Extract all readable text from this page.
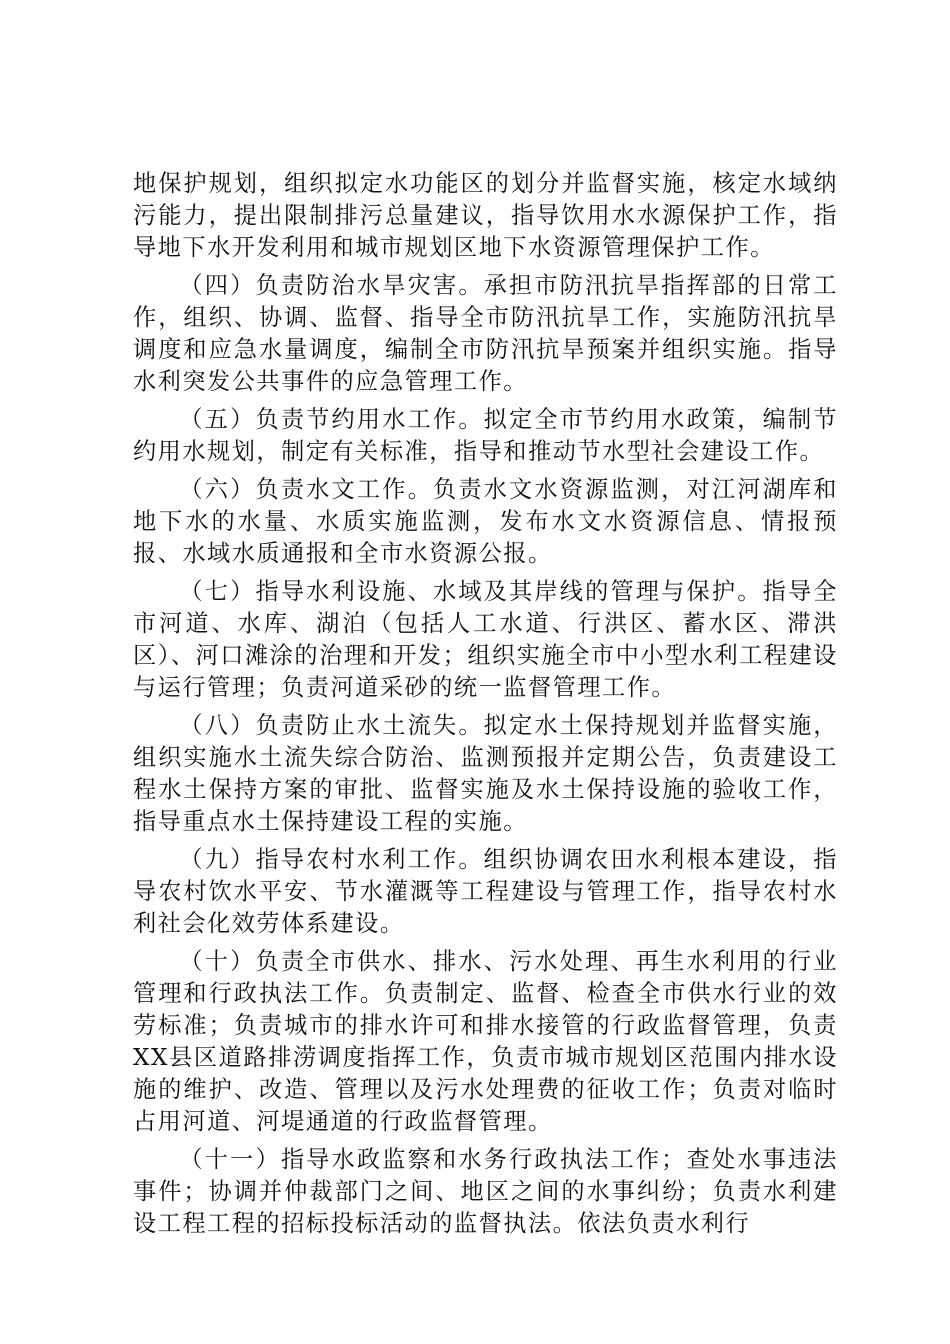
地保护规划，组织拟定水功能区的划分并监督实施，核定水域纳污能力，提出限制排污总量建议，指导饮用水水源保护工作，指导地下水开发利用和城市规划区地下水资源管理保护工作。

（四）负责防治水旱灾害。承担市防汛抗旱指挥部的日常工作，组织、协调、监督、指导全市防汛抗旱工作，实施防汛抗旱调度和应急水量调度，编制全市防汛抗旱预案并组织实施。指导水利突发公共事件的应急管理工作。

（五）负责节约用水工作。拟定全市节约用水政策，编制节约用水规划，制定有关标准，指导和推动节水型社会建设工作。

（六）负责水文工作。负责水文水资源监测，对江河湖库和地下水的水量、水质实施监测，发布水文水资源信息、情报预报、水域水质通报和全市水资源公报。

（七）指导水利设施、水域及其岸线的管理与保护。指导全市河道、水库、湖泊（包括人工水道、行洪区、蓄水区、滞洪区）、河口滩涂的治理和开发；组织实施全市中小型水利工程建设与运行管理；负责河道采砂的统一监督管理工作。

（八）负责防止水土流失。拟定水土保持规划并监督实施，组织实施水土流失综合防治、监测预报并定期公告，负责建设工程水土保持方案的审批、监督实施及水土保持设施的验收工作，指导重点水土保持建设工程的实施。

（九）指导农村水利工作。组织协调农田水利根本建设，指导农村饮水平安、节水灌溉等工程建设与管理工作，指导农村水利社会化效劳体系建设。

（十）负责全市供水、排水、污水处理、再生水利用的行业管理和行政执法工作。负责制定、监督、检查全市供水行业的效劳标准；负责城市的排水许可和排水接管的行政监督管理，负责XX县区道路排涝调度指挥工作，负责市城市规划区范围内排水设施的维护、改造、管理以及污水处理费的征收工作；负责对临时占用河道、河堤通道的行政监督管理。

（十一）指导水政监察和水务行政执法工作；查处水事违法事件；协调并仲裁部门之间、地区之间的水事纠纷；负责水利建设工程工程的招标投标活动的监督执法。依法负责水利行
